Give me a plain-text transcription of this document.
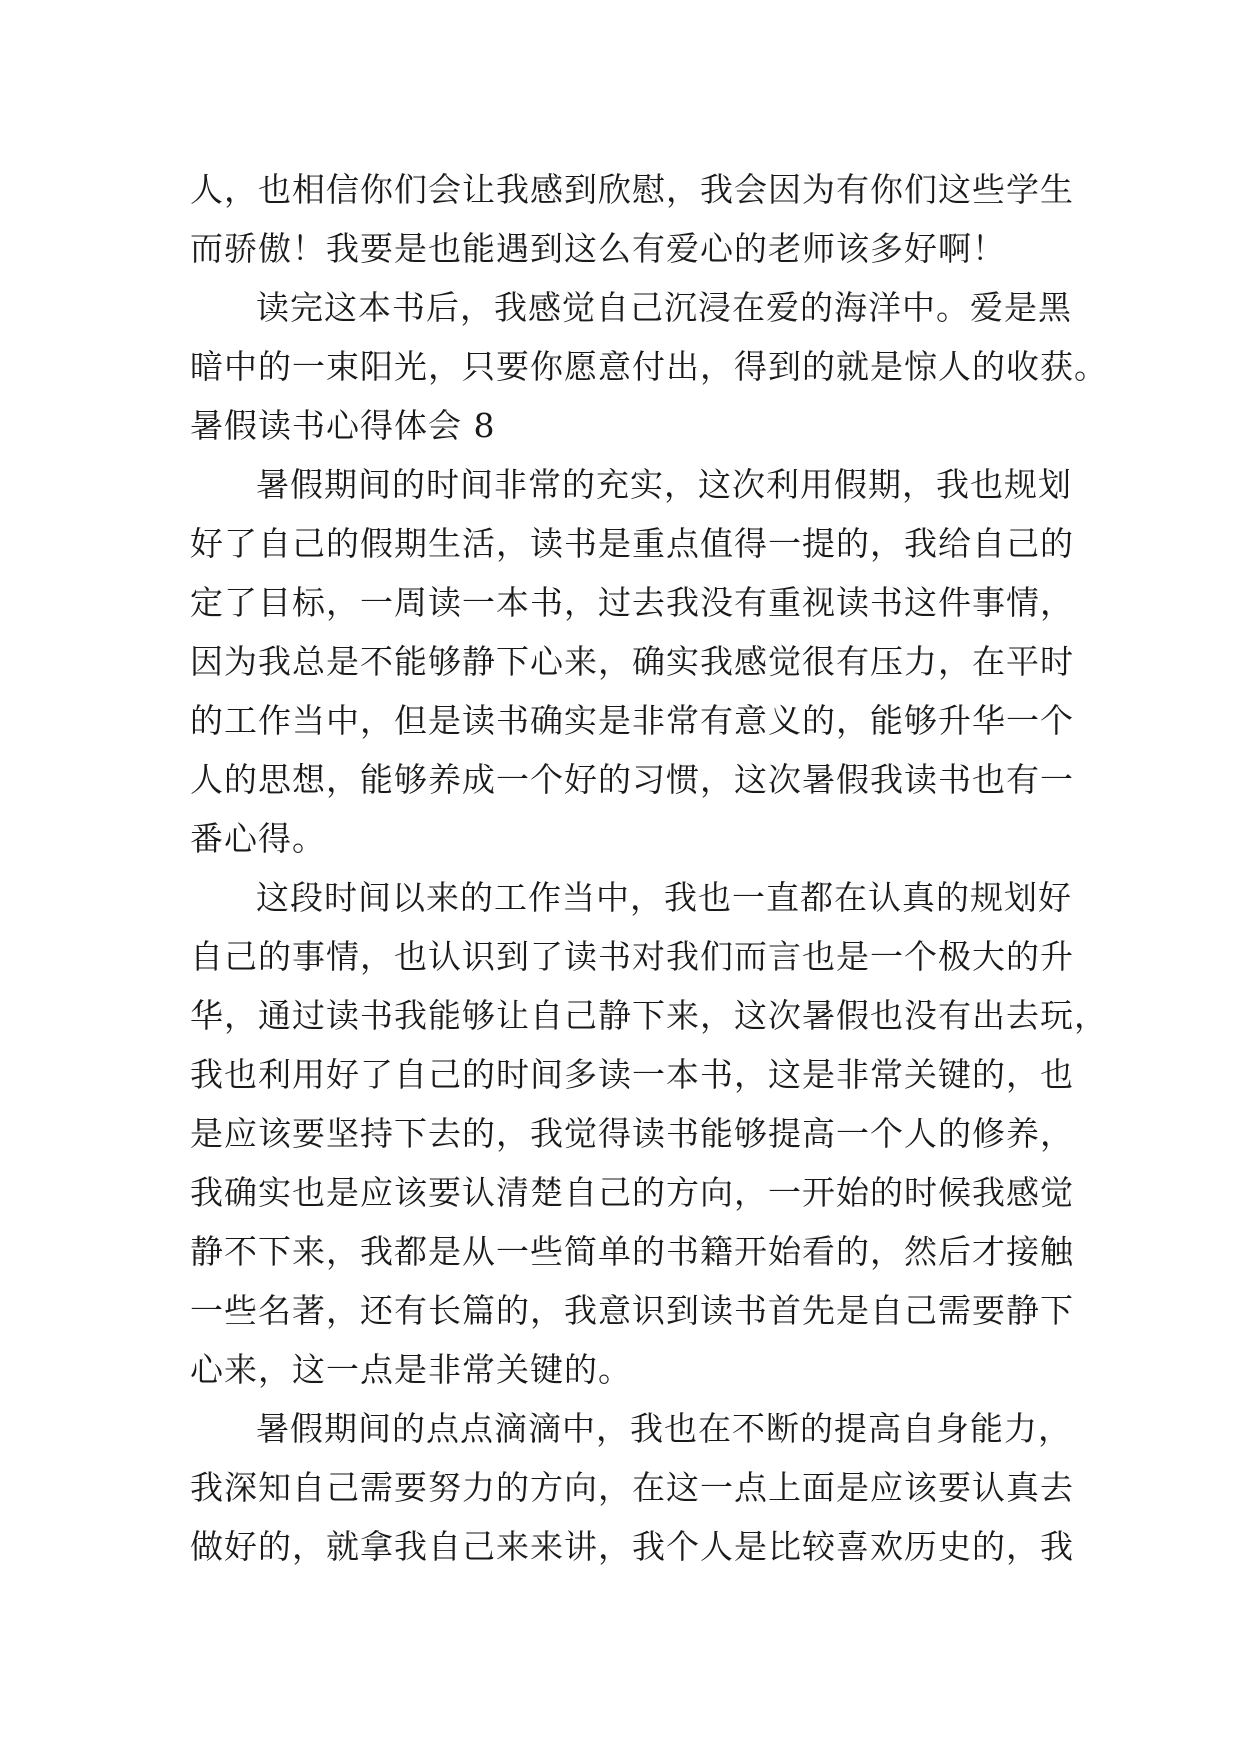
人，也相信你们会让我感到欣慰，我会因为有你们这些学生
而骄傲！我要是也能遇到这么有爱心的老师该多好啊！
读完这本书后，我感觉自己沉浸在爱的海洋中。爱是黑
暗中的一束阳光，只要你愿意付出，得到的就是惊人的收获。
暑假读书心得体会 8
暑假期间的时间非常的充实，这次利用假期，我也规划
好了自己的假期生活，读书是重点值得一提的，我给自己的
定了目标，一周读一本书，过去我没有重视读书这件事情，
因为我总是不能够静下心来，确实我感觉很有压力，在平时
的工作当中，但是读书确实是非常有意义的，能够升华一个
人的思想，能够养成一个好的习惯，这次暑假我读书也有一
番心得。
这段时间以来的工作当中，我也一直都在认真的规划好
自己的事情，也认识到了读书对我们而言也是一个极大的升
华，通过读书我能够让自己静下来，这次暑假也没有出去玩，
我也利用好了自己的时间多读一本书，这是非常关键的，也
是应该要坚持下去的，我觉得读书能够提高一个人的修养，
我确实也是应该要认清楚自己的方向，一开始的时候我感觉
静不下来，我都是从一些简单的书籍开始看的，然后才接触
一些名著，还有长篇的，我意识到读书首先是自己需要静下
心来，这一点是非常关键的。
暑假期间的点点滴滴中，我也在不断的提高自身能力，
我深知自己需要努力的方向，在这一点上面是应该要认真去
做好的，就拿我自己来来讲，我个人是比较喜欢历史的，我
